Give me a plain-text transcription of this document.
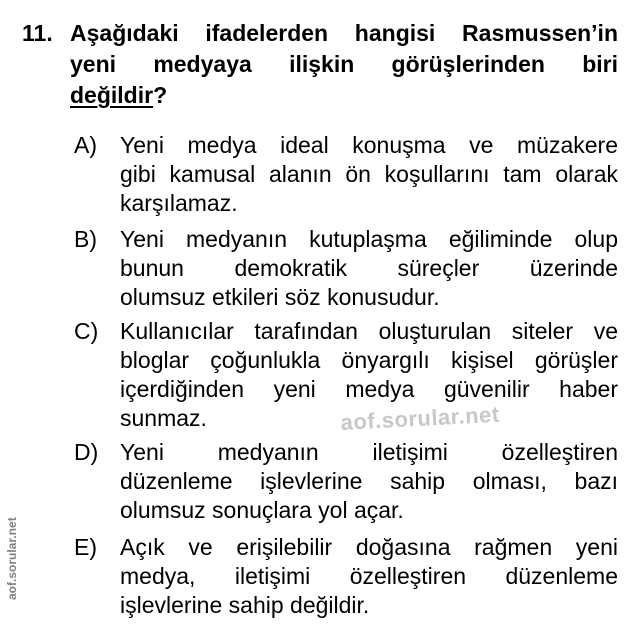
11. Aşağıdaki ifadelerden hangisi Rasmussen’in
yeni medyaya ilişkin görüşlerinden biri
değildir?
A)	Yeni medya ideal konuşma ve müzakere
gibi kamusal alanın ön koşullarını tam olarak
karşılamaz.
B)	Yeni medyanın kutuplaşma eğiliminde olup
bunun demokratik süreçler üzerinde
olumsuz etkileri söz konusudur.
C) Kullanıcılar tarafından oluşturulan siteler ve
bloglar çoğunlukla önyargılı kişisel görüşler
içerdiğinden yeni medya güvenilir haber
sunmaz.
D) Yeni medyanın iletişimi özelleştiren
düzenleme işlevlerine sahip olması, bazı
olumsuz sonuçlara yol açar.
E)	Açık ve erişilebilir doğasına rağmen yeni
medya, iletişimi özelleştiren düzenleme
işlevlerine sahip değildir.
aof.sorular.net
aof.sorular.net
